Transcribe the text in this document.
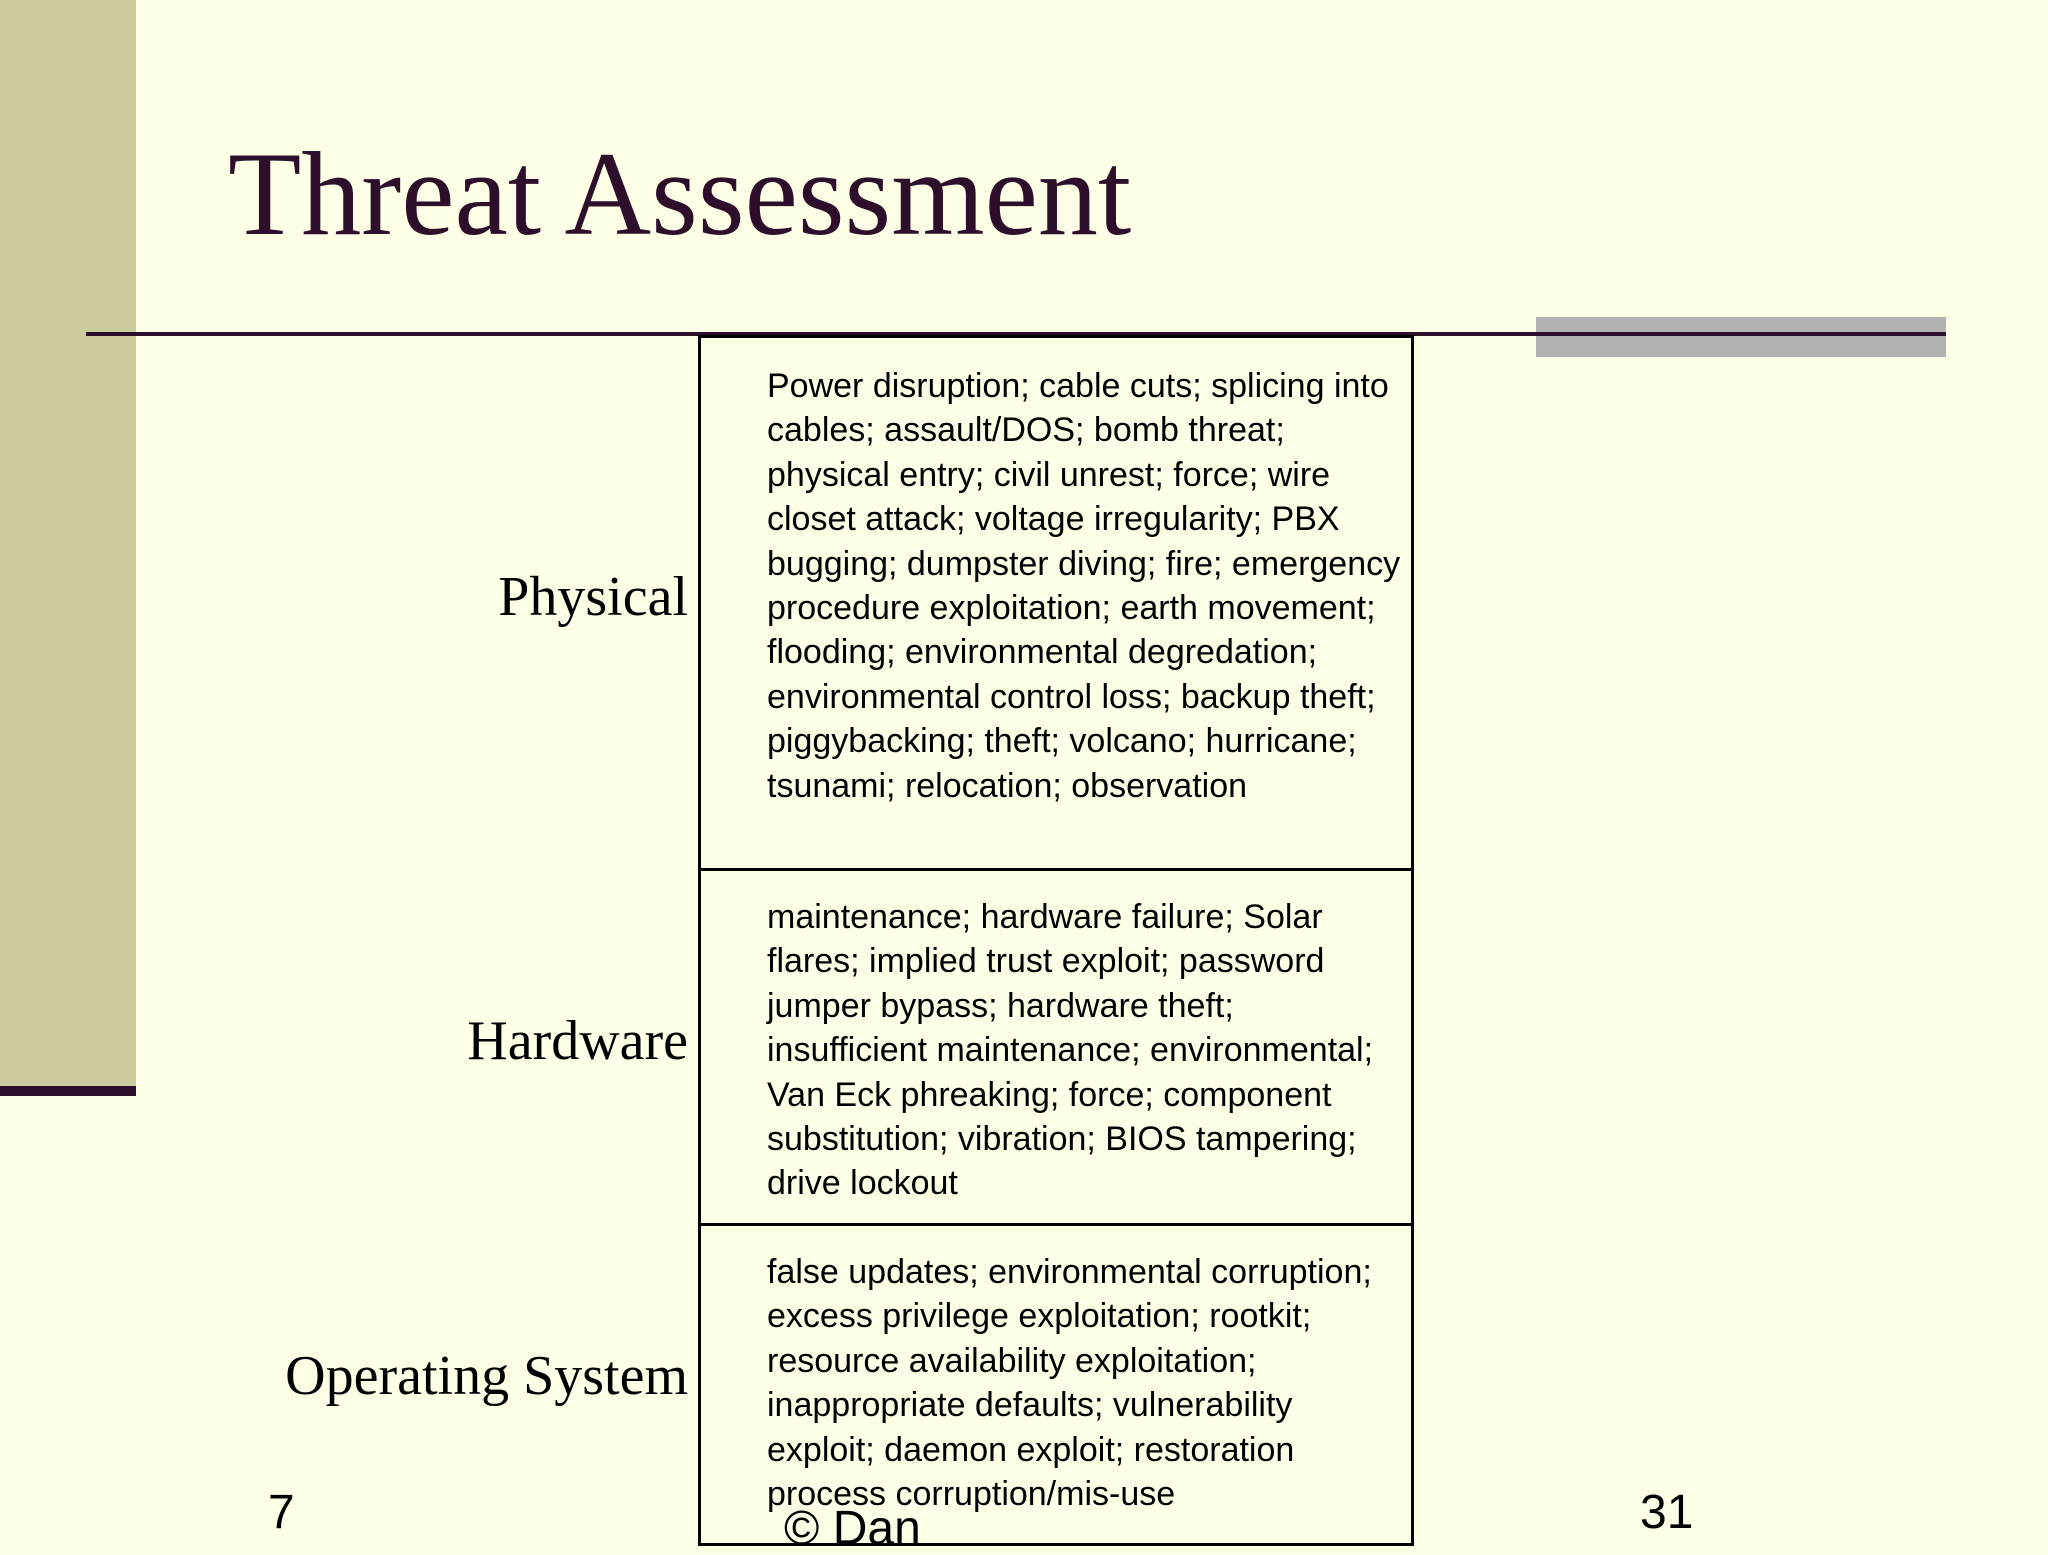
Threat Assessment

Physical

Hardware

Operating System

Power disruption; cable cuts; splicing into cables; assault/DOS; bomb threat; physical entry; civil unrest; force; wire closet attack; voltage irregularity; PBX bugging; dumpster diving; fire; emergency procedure exploitation; earth movement; flooding; environmental degredation; environmental control loss; backup theft; piggybacking; theft; volcano; hurricane; tsunami; relocation; observation
maintenance; hardware failure; Solar flares; implied trust exploit; password jumper bypass; hardware theft; insufficient maintenance; environmental; Van Eck phreaking; force; component substitution; vibration; BIOS tampering; drive lockout
false updates; environmental corruption; excess privilege exploitation; rootkit; resource availability exploitation; inappropriate defaults; vulnerability exploit; daemon exploit; restoration process corruption/mis-use

7	© Dan	31
